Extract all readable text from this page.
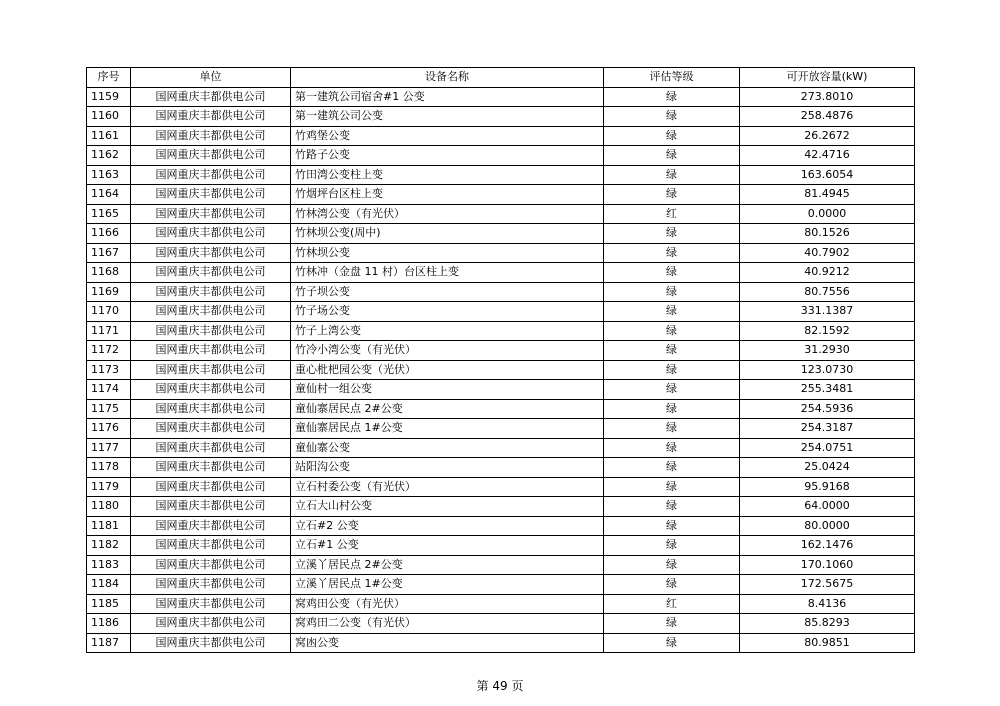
序号	单位	设备名称	评估等级	可开放容量(kW)
1159	国网重庆丰都供电公司	第一建筑公司宿舍#1 公变	绿	273.8010
1160	国网重庆丰都供电公司	第一建筑公司公变	绿	258.4876
1161	国网重庆丰都供电公司	竹鸡堡公变	绿	26.2672
1162	国网重庆丰都供电公司	竹路子公变	绿	42.4716
1163	国网重庆丰都供电公司	竹田湾公变柱上变	绿	163.6054
1164	国网重庆丰都供电公司	竹烟坪台区柱上变	绿	81.4945
1165	国网重庆丰都供电公司	竹林湾公变（有光伏）	红	0.0000
1166	国网重庆丰都供电公司	竹林坝公变(周中)	绿	80.1526
1167	国网重庆丰都供电公司	竹林坝公变	绿	40.7902
1168	国网重庆丰都供电公司	竹林冲（金盘 11 村）台区柱上变	绿	40.9212
1169	国网重庆丰都供电公司	竹子坝公变	绿	80.7556
1170	国网重庆丰都供电公司	竹子场公变	绿	331.1387
1171	国网重庆丰都供电公司	竹子上湾公变	绿	82.1592
1172	国网重庆丰都供电公司	竹冷小湾公变（有光伏）	绿	31.2930
1173	国网重庆丰都供电公司	重心枇杷园公变（光伏）	绿	123.0730
1174	国网重庆丰都供电公司	童仙村一组公变	绿	255.3481
1175	国网重庆丰都供电公司	童仙寨居民点 2#公变	绿	254.5936
1176	国网重庆丰都供电公司	童仙寨居民点 1#公变	绿	254.3187
1177	国网重庆丰都供电公司	童仙寨公变	绿	254.0751
1178	国网重庆丰都供电公司	站阳沟公变	绿	25.0424
1179	国网重庆丰都供电公司	立石村委公变（有光伏）	绿	95.9168
1180	国网重庆丰都供电公司	立石大山村公变	绿	64.0000
1181	国网重庆丰都供电公司	立石#2 公变	绿	80.0000
1182	国网重庆丰都供电公司	立石#1 公变	绿	162.1476
1183	国网重庆丰都供电公司	立溪丫居民点 2#公变	绿	170.1060
1184	国网重庆丰都供电公司	立溪丫居民点 1#公变	绿	172.5675
1185	国网重庆丰都供电公司	窝鸡田公变（有光伏）	红	8.4136
1186	国网重庆丰都供电公司	窝鸡田二公变（有光伏）	绿	85.8293
1187	国网重庆丰都供电公司	窝凼公变	绿	80.9851
第 49 页
